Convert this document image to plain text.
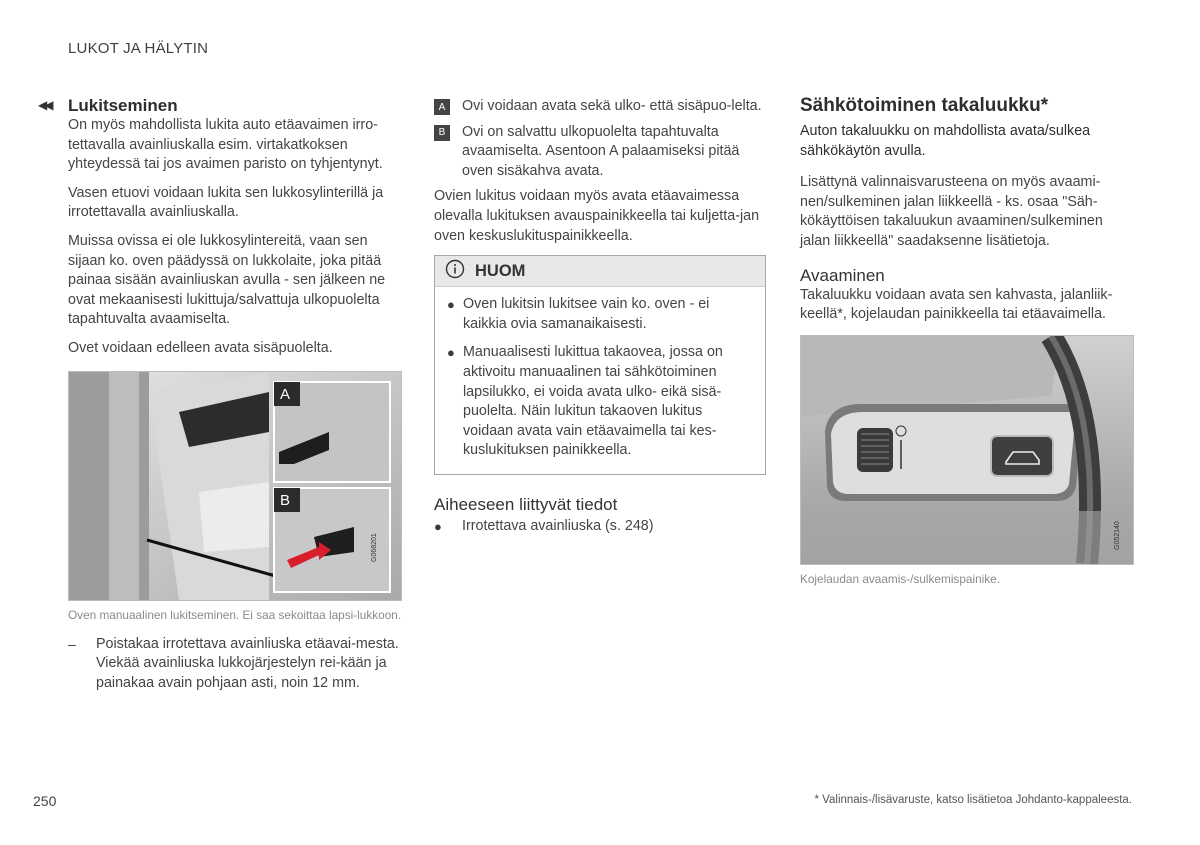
LUKOT JA HÄLYTIN
◀◀ Lukitseminen

On myös mahdollista lukita auto etäavaimen irro-tettavalla avainliuskalla esim. virtakatkoksen yhteydessä tai jos avaimen paristo on tyhjentynyt.

Vasen etuovi voidaan lukita sen lukkosylinterillä ja irrotettavalla avainliuskalla.

Muissa ovissa ei ole lukkosylintereitä, vaan sen sijaan ko. oven päädyssä on lukkolaite, joka pitää painaa sisään avainliuskan avulla - sen jälkeen ne ovat mekaanisesti lukittuja/salvattuja ulkopuolelta tapahtuvalta avaamiselta.

Ovet voidaan edelleen avata sisäpuolelta.

A
B
G068201
Oven manuaalinen lukitseminen. Ei saa sekoittaa lapsi-lukkoon.
–	Poistakaa irrotettava avainliuska etäavai-mesta. Viekää avainliuska lukkojärjestelyn rei-kään ja painakaa avain pohjaan asti, noin 12 mm.

A	Ovi voidaan avata sekä ulko- että sisäpuo-lelta.

B	Ovi on salvattu ulkopuolelta tapahtuvalta avaamiselta. Asentoon A palaamiseksi pitää oven sisäkahva avata.

Ovien lukitus voidaan myös avata etäavaimessa olevalla lukituksen avauspainikkeella tai kuljetta-jan oven keskuslukituspainikkeella.

HUOM
● Oven lukitsin lukitsee vain ko. oven - ei kaikkia ovia samanaikaisesti.

● Manuaalisesti lukittua takaovea, jossa on aktivoitu manuaalinen tai sähkötoiminen lapsilukko, ei voida avata ulko- eikä sisä-puolelta. Näin lukitun takaoven lukitus voidaan avata vain etäavaimella tai kes-kuslukituksen painikkeella.

Aiheeseen liittyvät tiedot
●	Irrotettava avainliuska (s. 248)

Sähkötoiminen takaluukku*

Auton takaluukku on mahdollista avata/sulkea sähkökäytön avulla.

Lisättynä valinnaisvarusteena on myös avaami-nen/sulkeminen jalan liikkeellä - ks. osaa "Säh-kökäyttöisen takaluukun avaaminen/sulkeminen jalan liikkeellä" saadaksenne lisätietoja.

Avaaminen

Takaluukku voidaan avata sen kahvasta, jalanliik-keellä*, kojelaudan painikkeella tai etäavaimella.

G052140
Kojelaudan avaamis-/sulkemispainike.
250	* Valinnais-/lisävaruste, katso lisätietoa Johdanto-kappaleesta.
